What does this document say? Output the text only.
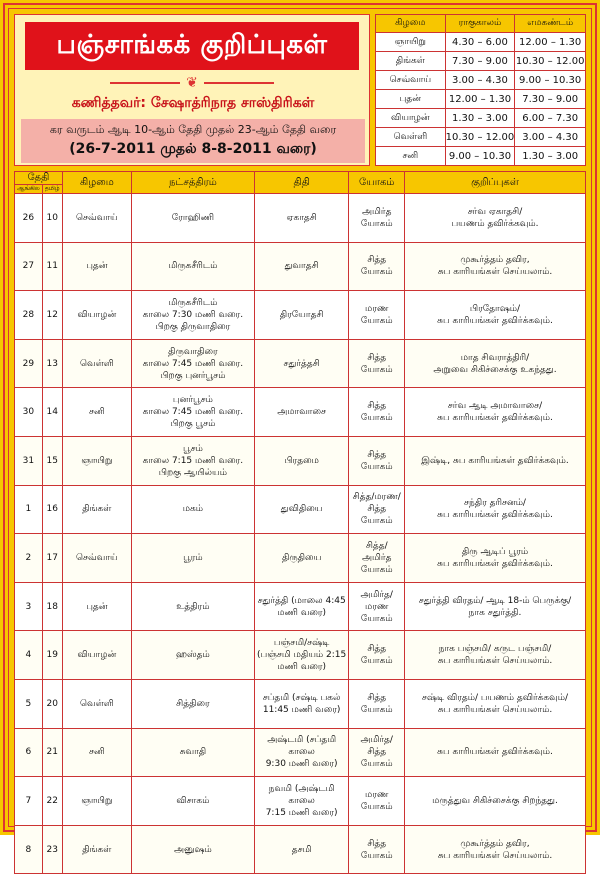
பஞ்சாங்கக் குறிப்புகள்
❦
கணித்தவர்: சேஷாத்ரிநாத சாஸ்திரிகள்
கர வருடம் ஆடி 10-ஆம் தேதி முதல் 23-ஆம் தேதி வரை
(26-7-2011 முதல் 8-8-2011 வரை)
கிழமை	ராகுகாலம்	எமகண்டம்
ஞாயிறு	4.30 – 6.00	12.00 – 1.30
திங்கள்	7.30 – 9.00	10.30 – 12.00
செவ்வாய்	3.00 – 4.30	9.00 – 10.30
புதன்	12.00 – 1.30	7.30 – 9.00
வியாழன்	1.30 – 3.00	6.00 – 7.30
வெள்ளி	10.30 – 12.00	3.00 – 4.30
சனி	9.00 – 10.30	1.30 – 3.00
தேதி		கிழமை	நட்சத்திரம்	திதி	யோகம்	குறிப்புகள்
ஆங்கில	தமிழ்					
26	10	செவ்வாய்	ரோஹிணி	ஏகாதசி	அமிர்த
யோகம்	சர்வ ஏகாதசி/
பயணம் தவிர்க்கவும்.
27	11	புதன்	மிருகசீரிடம்	துவாதசி	சித்த யோகம்	முகூர்த்தம் தவிர,
சுப காரியங்கள் செய்யலாம்.
28	12	வியாழன்	மிருகசீரிடம்
காலை 7:30 மணி வரை.
பிறகு திருவாதிரை	திரயோதசி	மரண யோகம்	பிரதோஷம்/
சுப காரியங்கள் தவிர்க்கவும்.
29	13	வெள்ளி	திருவாதிரை
காலை 7:45 மணி வரை.
பிறகு புனர்பூசம்	சதுர்த்தசி	சித்த யோகம்	மாத சிவராத்திரி/
அறுவை சிகிச்சைக்கு உகந்தது.
30	14	சனி	புனர்பூசம்
காலை 7:45 மணி வரை.
பிறகு பூசம்	அமாவாசை	சித்த யோகம்	சர்வ ஆடி அமாவாசை/
சுப காரியங்கள் தவிர்க்கவும்.
31	15	ஞாயிறு	பூசம்
காலை 7:15 மணி வரை.
பிறகு ஆயில்யம்	பிரதமை	சித்த யோகம்	இஷ்டி, சுப காரியங்கள் தவிர்க்கவும்.
1	16	திங்கள்	மகம்	துவிதியை	சித்த/மரண/
சித்த யோகம்	சந்திர தரிசனம்/
சுப காரியங்கள் தவிர்க்கவும்.
2	17	செவ்வாய்	பூரம்	திருதியை	சித்த/அமிர்த
யோகம்	திரு ஆடிப் பூரம்
சுப காரியங்கள் தவிர்க்கவும்.
3	18	புதன்	உத்திரம்	சதுர்த்தி (மாலை 4:45
மணி வரை)	அமிர்த/மரண
யோகம்	சதுர்த்தி விரதம்/ ஆடி 18-ம் பெருக்கு/
நாக சதுர்த்தி.
4	19	வியாழன்	ஹஸ்தம்	பஞ்சமி/சஷ்டி
(பஞ்சமி மதியம் 2:15
மணி வரை)	சித்த யோகம்	நாக பஞ்சமி/ கருட பஞ்சமி/
சுப காரியங்கள் செய்யலாம்.
5	20	வெள்ளி	சித்திரை	சப்தமி (சஷ்டி பகல்
11:45 மணி வரை)	சித்த யோகம்	சஷ்டி விரதம்/ பயணம் தவிர்க்கவும்/
சுப காரியங்கள் செய்யலாம்.
6	21	சனி	சுவாதி	அஷ்டமி (சப்தமி காலை
9:30 மணி வரை)	அமிர்த/சித்த
யோகம்	சுப காரியங்கள் தவிர்க்கவும்.
7	22	ஞாயிறு	விசாகம்	நவமி (அஷ்டமி காலை
7:15 மணி வரை)	மரண யோகம்	மருத்துவ சிகிச்சைக்கு சிறந்தது.
8	23	திங்கள்	அனுஷம்	தசமி	சித்த யோகம்	முகூர்த்தம் தவிர,
சுப காரியங்கள் செய்யலாம்.
